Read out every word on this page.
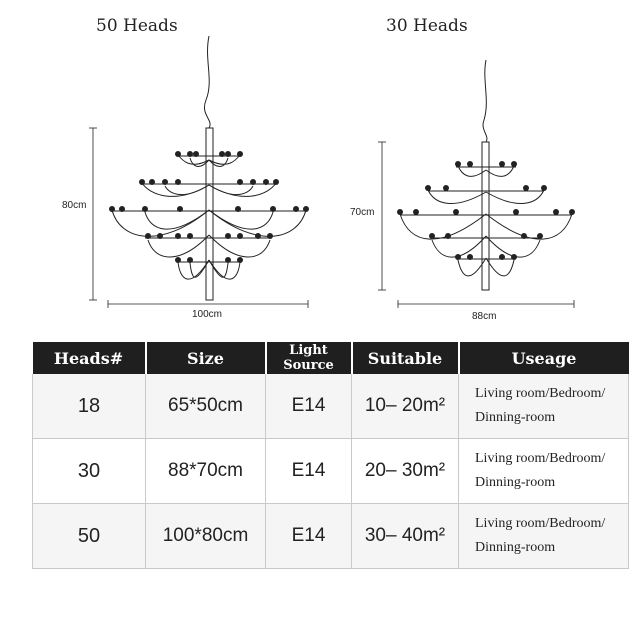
50 Heads	30 Heads
80cm
100cm
70cm
88cm
Heads#	Size	Light Source	Suitable	Useage
18	65*50cm	E14	10– 20m²	Living room/Bedroom/
Dinning-room

30	88*70cm	E14	20– 30m²	Living room/Bedroom/
Dinning-room

50	100*80cm	E14	30– 40m²	Living room/Bedroom/
Dinning-room
